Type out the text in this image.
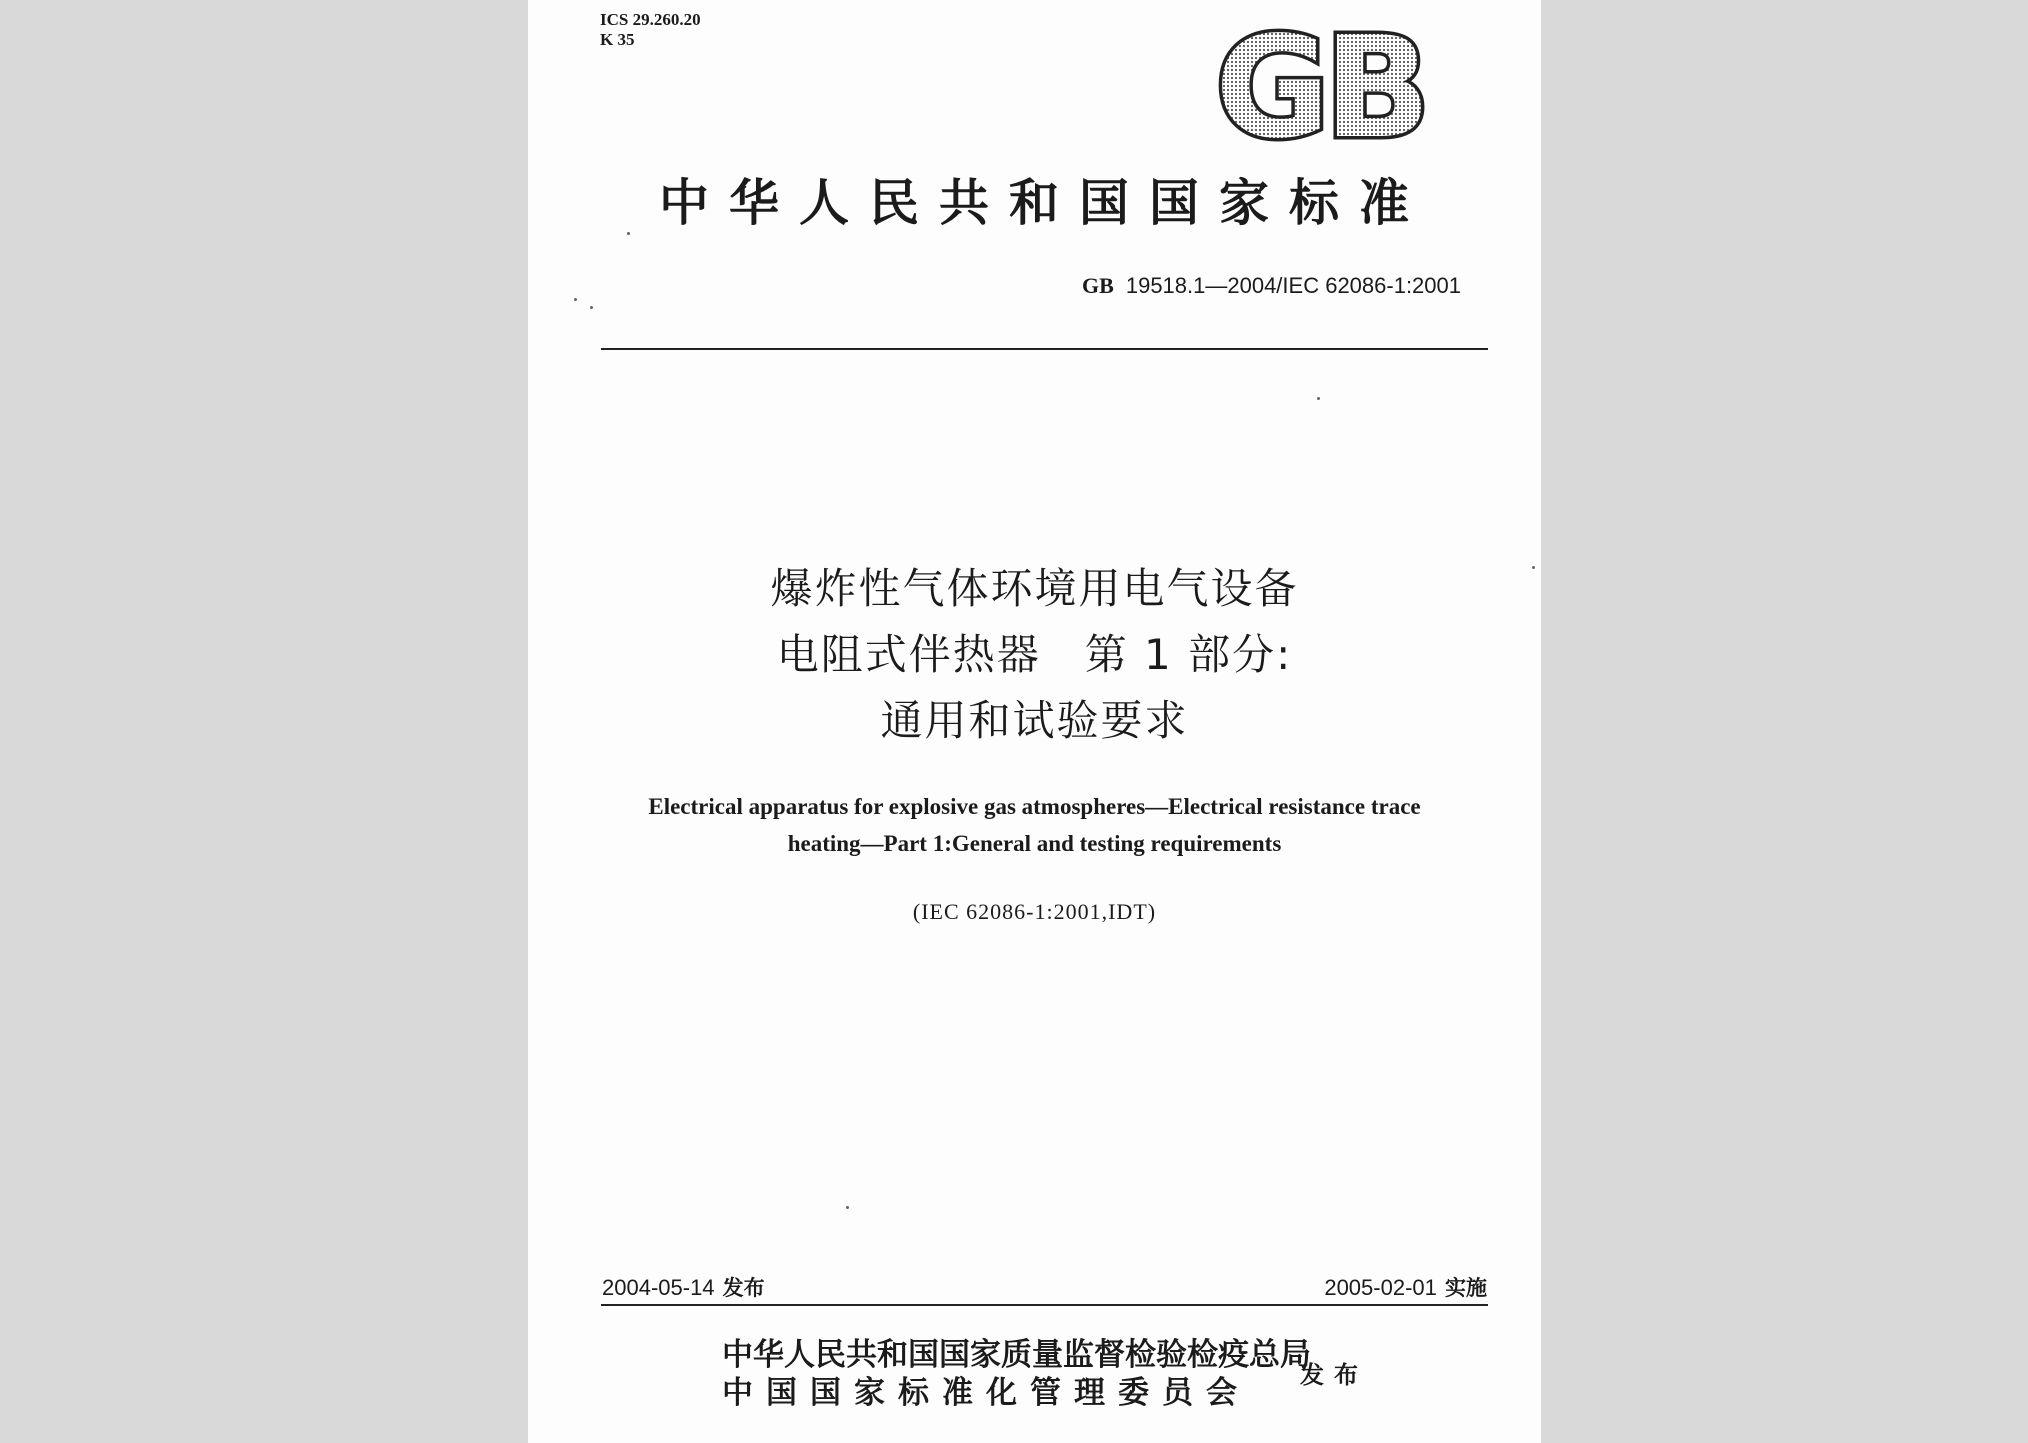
ICS 29.260.20
K 35	GB
中华人民共和国国家标准
GB 19518.1—2004/IEC 62086-1:2001
爆炸性气体环境用电气设备
电阻式伴热器　第 1 部分:
通用和试验要求
Electrical apparatus for explosive gas atmospheres—Electrical resistance trace
heating—Part 1:General and testing requirements
(IEC 62086-1:2001,IDT)
2004-05-14 发布	2005-02-01 实施
中华人民共和国国家质量监督检验检疫总局
中国国家标准化管理委员会	发布
